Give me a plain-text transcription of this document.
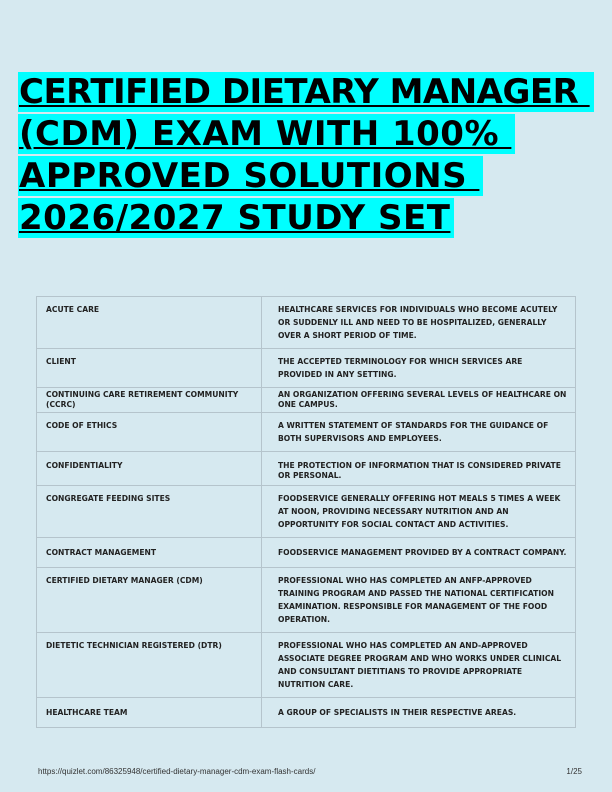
CERTIFIED DIETARY MANAGER
(CDM) EXAM WITH 100%
APPROVED SOLUTIONS
2026/2027 STUDY SET
ACUTE CARE	HEALTHCARE SERVICES FOR INDIVIDUALS WHO BECOME ACUTELY OR SUDDENLY ILL AND NEED TO BE HOSPITALIZED, GENERALLY OVER A SHORT PERIOD OF TIME.
CLIENT	THE ACCEPTED TERMINOLOGY FOR WHICH SERVICES ARE PROVIDED IN ANY SETTING.
CONTINUING CARE RETIREMENT COMMUNITY (CCRC)	AN ORGANIZATION OFFERING SEVERAL LEVELS OF HEALTHCARE ON ONE CAMPUS.
CODE OF ETHICS	A WRITTEN STATEMENT OF STANDARDS FOR THE GUIDANCE OF BOTH SUPERVISORS AND EMPLOYEES.
CONFIDENTIALITY	THE PROTECTION OF INFORMATION THAT IS CONSIDERED PRIVATE OR PERSONAL.
CONGREGATE FEEDING SITES	FOODSERVICE GENERALLY OFFERING HOT MEALS 5 TIMES A WEEK AT NOON, PROVIDING NECESSARY NUTRITION AND AN OPPORTUNITY FOR SOCIAL CONTACT AND ACTIVITIES.
CONTRACT MANAGEMENT	FOODSERVICE MANAGEMENT PROVIDED BY A CONTRACT COMPANY.
CERTIFIED DIETARY MANAGER (CDM)	PROFESSIONAL WHO HAS COMPLETED AN ANFP-APPROVED TRAINING PROGRAM AND PASSED THE NATIONAL CERTIFICATION EXAMINATION. RESPONSIBLE FOR MANAGEMENT OF THE FOOD OPERATION.
DIETETIC TECHNICIAN REGISTERED (DTR)	PROFESSIONAL WHO HAS COMPLETED AN AND-APPROVED ASSOCIATE DEGREE PROGRAM AND WHO WORKS UNDER CLINICAL AND CONSULTANT DIETITIANS TO PROVIDE APPROPRIATE NUTRITION CARE.
HEALTHCARE TEAM	A GROUP OF SPECIALISTS IN THEIR RESPECTIVE AREAS.
https://quizlet.com/86325948/certified-dietary-manager-cdm-exam-flash-cards/	1/25
